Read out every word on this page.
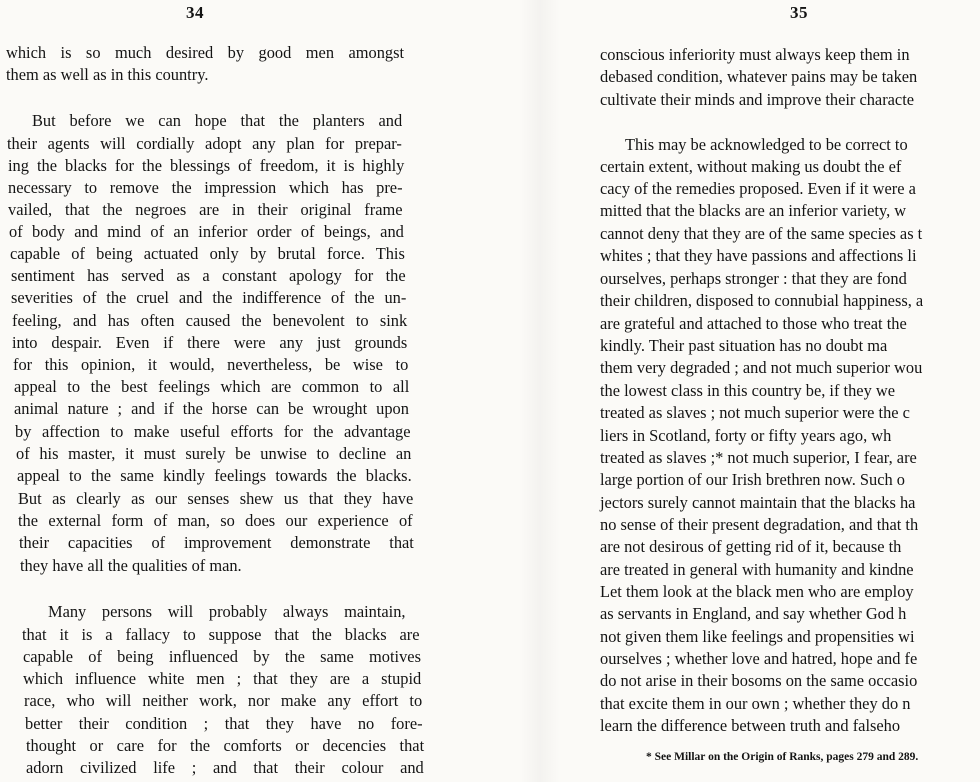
34
which is so much desired by good men amongst
them as well as in this country.
But before we can hope that the planters and
their agents will cordially adopt any plan for prepar-
ing the blacks for the blessings of freedom, it is highly
necessary to remove the impression which has pre-
vailed, that the negroes are in their original frame
of body and mind of an inferior order of beings, and
capable of being actuated only by brutal force. This
sentiment has served as a constant apology for the
severities of the cruel and the indifference of the un-
feeling, and has often caused the benevolent to sink
into despair. Even if there were any just grounds
for this opinion, it would, nevertheless, be wise to
appeal to the best feelings which are common to all
animal nature ; and if the horse can be wrought upon
by affection to make useful efforts for the advantage
of his master, it must surely be unwise to decline an
appeal to the same kindly feelings towards the blacks.
But as clearly as our senses shew us that they have
the external form of man, so does our experience of
their capacities of improvement demonstrate that
they have all the qualities of man.
Many persons will probably always maintain,
that it is a fallacy to suppose that the blacks are
capable of being influenced by the same motives
which influence white men ; that they are a stupid
race, who will neither work, nor make any effort to
better their condition ; that they have no fore-
thought or care for the comforts or decencies that
adorn civilized life ; and that their colour and
35
* See Millar on the Origin of Ranks, pages 279 and 289.
conscious inferiority must always keep them in
debased condition, whatever pains may be taken
cultivate their minds and improve their characte
This may be acknowledged to be correct to
certain extent, without making us doubt the ef
cacy of the remedies proposed. Even if it were a
mitted that the blacks are an inferior variety, w
cannot deny that they are of the same species as t
whites ; that they have passions and affections li
ourselves, perhaps stronger : that they are fond
their children, disposed to connubial happiness, a
are grateful and attached to those who treat the
kindly. Their past situation has no doubt ma
them very degraded ; and not much superior wou
the lowest class in this country be, if they we
treated as slaves ; not much superior were the c
liers in Scotland, forty or fifty years ago, wh
treated as slaves ;* not much superior, I fear, are
large portion of our Irish brethren now. Such o
jectors surely cannot maintain that the blacks ha
no sense of their present degradation, and that th
are not desirous of getting rid of it, because th
are treated in general with humanity and kindne
Let them look at the black men who are employ
as servants in England, and say whether God h
not given them like feelings and propensities wi
ourselves ; whether love and hatred, hope and fe
do not arise in their bosoms on the same occasio
that excite them in our own ; whether they do n
learn the difference between truth and falseho
